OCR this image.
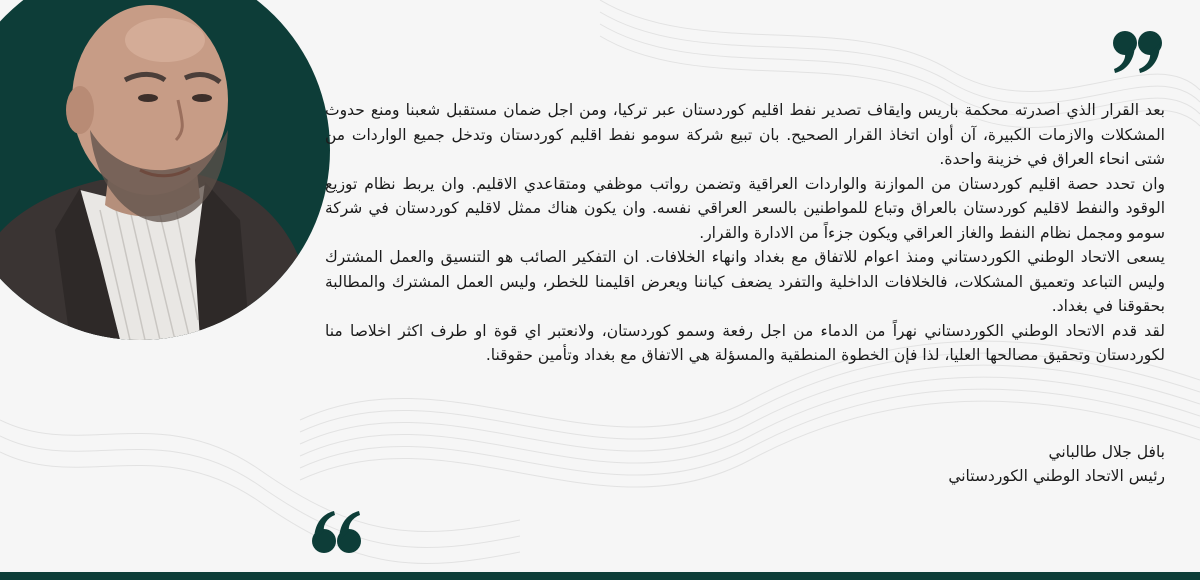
بعد القرار الذي اصدرته محكمة باريس وايقاف تصدير نفط اقليم كوردستان عبر تركيا، ومن اجل ضمان مستقبل شعبنا ومنع حدوث المشكلات والازمات الكبيرة، آن أوان اتخاذ القرار الصحيح. بان تبيع شركة سومو نفط اقليم كوردستان وتدخل جميع الواردات من شتى انحاء العراق في خزينة واحدة.

وان تحدد حصة اقليم كوردستان من الموازنة والواردات العراقية وتضمن رواتب موظفي ومتقاعدي الاقليم. وان يربط نظام توزيع الوقود والنفط لاقليم كوردستان بالعراق وتباع للمواطنين بالسعر العراقي نفسه. وان يكون هناك ممثل لاقليم كوردستان في شركة سومو ومجمل نظام النفط والغاز العراقي ويكون جزءاً من الادارة والقرار.

يسعى الاتحاد الوطني الكوردستاني ومنذ اعوام للاتفاق مع بغداد وانهاء الخلافات. ان التفكير الصائب هو التنسيق والعمل المشترك وليس التباعد وتعميق المشكلات، فالخلافات الداخلية والتفرد يضعف كياننا ويعرض اقليمنا للخطر، وليس العمل المشترك والمطالبة بحقوقنا في بغداد.

لقد قدم الاتحاد الوطني الكوردستاني نهراً من الدماء من اجل رفعة وسمو كوردستان، ولانعتبر اي قوة او طرف اكثر اخلاصا منا لكوردستان وتحقيق مصالحها العليا، لذا فإن الخطوة المنطقية والمسؤلة هي الاتفاق مع بغداد وتأمين حقوقنا.

بافل جلال طالباني
رئيس الاتحاد الوطني الكوردستاني
